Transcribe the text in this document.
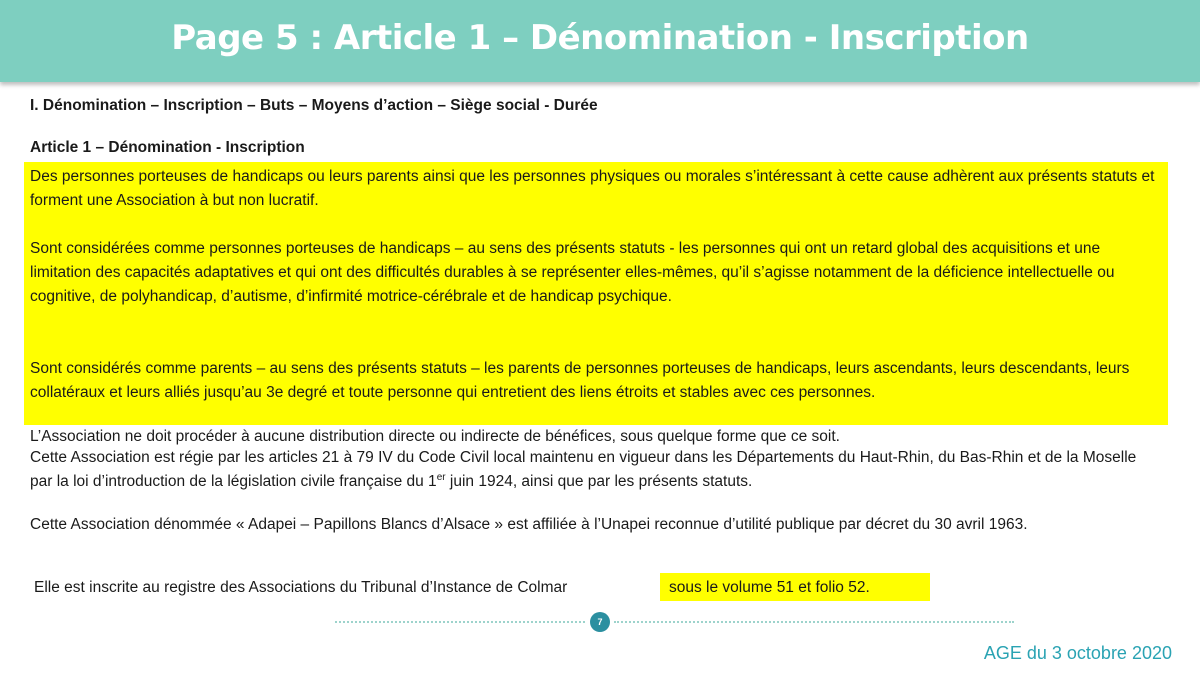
Page 5 : Article 1 – Dénomination - Inscription
I. Dénomination – Inscription – Buts – Moyens d’action – Siège social - Durée
Article 1 – Dénomination - Inscription
Des personnes porteuses de handicaps ou leurs parents ainsi que les personnes physiques ou morales s’intéressant à cette cause adhèrent aux présents statuts et forment une Association à but non lucratif.
Sont considérées comme personnes porteuses de handicaps – au sens des présents statuts - les personnes qui ont un retard global des acquisitions et une limitation des capacités adaptatives et qui ont des difficultés durables à se représenter elles-mêmes, qu’il s’agisse notamment de la déficience intellectuelle ou cognitive, de polyhandicap, d’autisme, d’infirmité motrice-cérébrale et de handicap psychique.
Sont considérés comme parents – au sens des présents statuts – les parents de personnes porteuses de handicaps, leurs ascendants, leurs descendants, leurs collatéraux et leurs alliés jusqu’au 3e degré et toute personne qui entretient des liens étroits et stables avec ces personnes.
L’Association ne doit procéder à aucune distribution directe ou indirecte de bénéfices, sous quelque forme que ce soit.
Cette Association est régie par les articles 21 à 79 IV du Code Civil local maintenu en vigueur dans les Départements du Haut-Rhin, du Bas-Rhin et de la Moselle par la loi d’introduction de la législation civile française du 1er juin 1924, ainsi que par les présents statuts.
Cette Association dénommée « Adapei – Papillons Blancs d’Alsace » est affiliée à l’Unapei reconnue d’utilité publique par décret du 30 avril 1963.
Elle est inscrite au registre des Associations du Tribunal d’Instance de Colmar	sous le volume 51 et folio 52.
7
AGE du 3 octobre 2020
